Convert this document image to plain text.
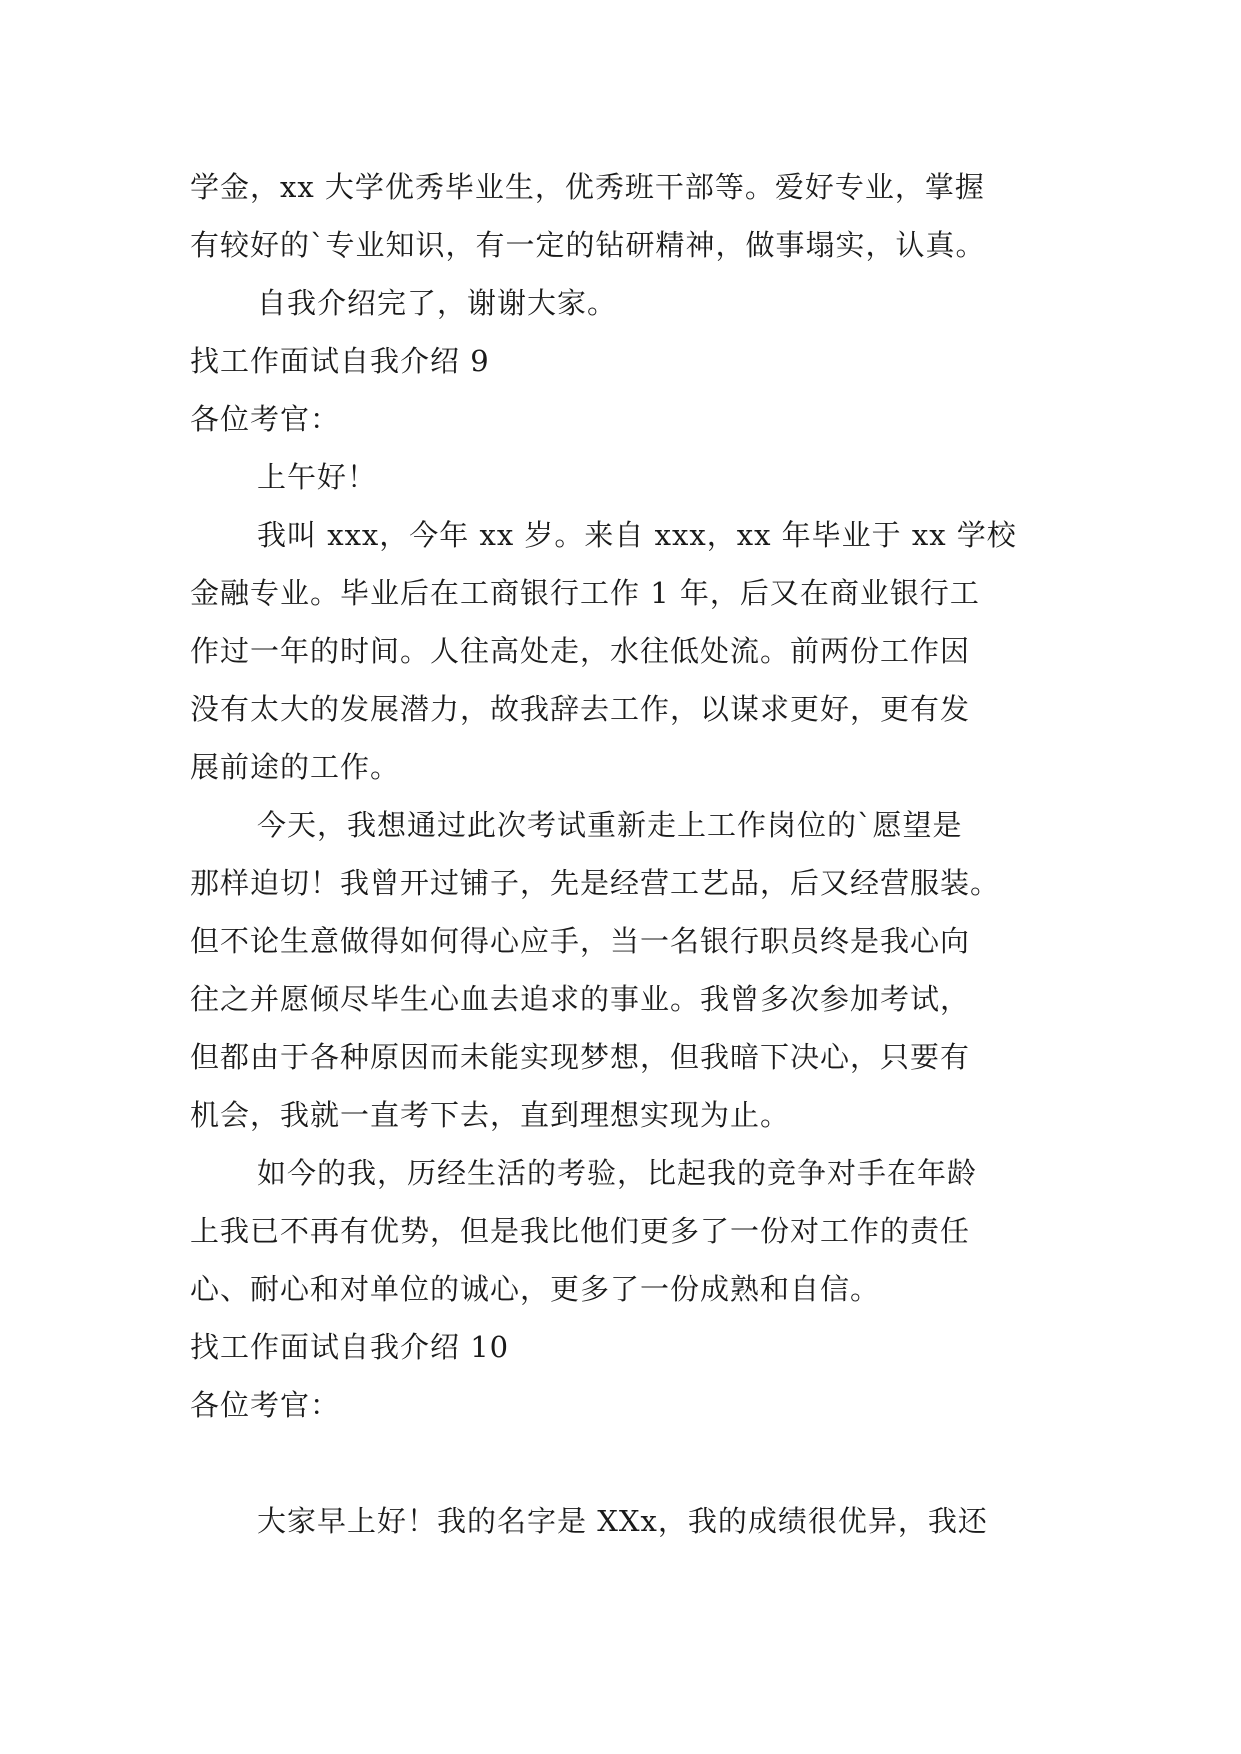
学金，xx 大学优秀毕业生，优秀班干部等。爱好专业，掌握
有较好的`专业知识，有一定的钻研精神，做事塌实，认真。
自我介绍完了，谢谢大家。
找工作面试自我介绍 9
各位考官：
上午好！
我叫 xxx，今年 xx 岁。来自 xxx，xx 年毕业于 xx 学校
金融专业。毕业后在工商银行工作 1 年，后又在商业银行工
作过一年的时间。人往高处走，水往低处流。前两份工作因
没有太大的发展潜力，故我辞去工作，以谋求更好，更有发
展前途的工作。
今天，我想通过此次考试重新走上工作岗位的`愿望是
那样迫切！我曾开过铺子，先是经营工艺品，后又经营服装。
但不论生意做得如何得心应手，当一名银行职员终是我心向
往之并愿倾尽毕生心血去追求的事业。我曾多次参加考试，
但都由于各种原因而未能实现梦想，但我暗下决心，只要有
机会，我就一直考下去，直到理想实现为止。
如今的我，历经生活的考验，比起我的竞争对手在年龄
上我已不再有优势，但是我比他们更多了一份对工作的责任
心、耐心和对单位的诚心，更多了一份成熟和自信。
找工作面试自我介绍 10
各位考官：
大家早上好！我的名字是 XXx，我的成绩很优异，我还
